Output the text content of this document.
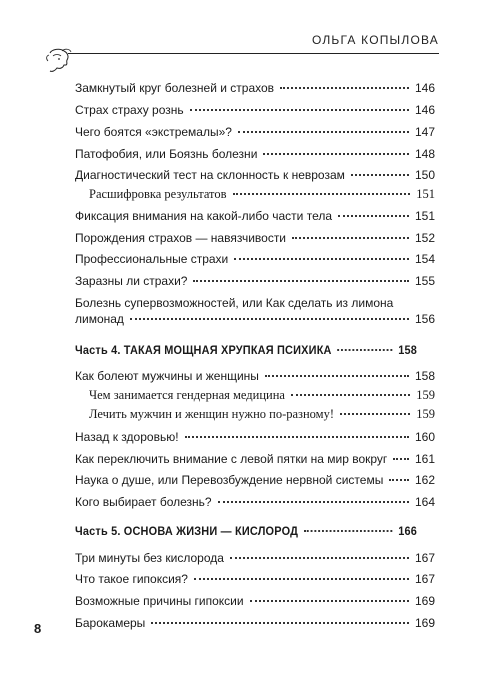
ОЛЬГА КОПЫЛОВА
Замкнутый круг болезней и страхов	146
Страх страху рознь	146
Чего боятся «экстремалы»?	147
Патофобия, или Боязнь болезни	148
Диагностический тест на склонность к неврозам	150
Расшифровка результатов	151
Фиксация внимания на какой-либо части тела	151
Порождения страхов — навязчивости	152
Профессиональные страхи	154
Заразны ли страхи?	155
Болезнь супервозможностей, или Как сделать из лимона
лимонад	156
Часть 4. ТАКАЯ МОЩНАЯ ХРУПКАЯ ПСИХИКА	158
Как болеют мужчины и женщины	158
Чем занимается гендерная медицина	159
Лечить мужчин и женщин нужно по-разному!	159
Назад к здоровью!	160
Как переключить внимание с левой пятки на мир вокруг 161
Наука о душе, или Перевозбуждение нервной системы	162
Кого выбирает болезнь?	164
Часть 5. ОСНОВА ЖИЗНИ — КИСЛОРОД	166
Три минуты без кислорода	167
Что такое гипоксия?	167
Возможные причины гипоксии	169
Барокамеры	169
8
